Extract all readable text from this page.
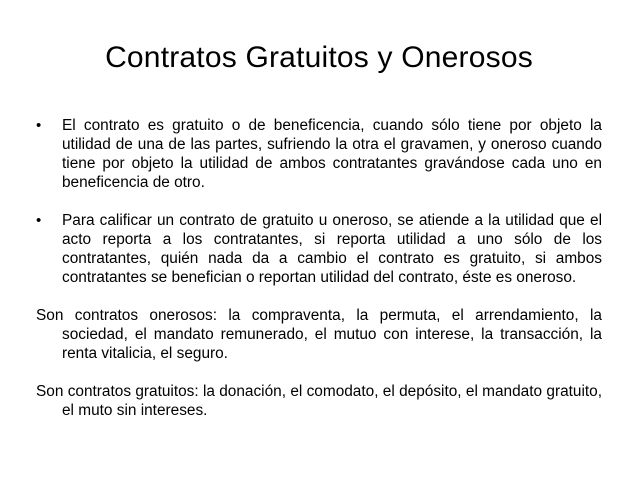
Contratos Gratuitos y Onerosos
•	El contrato es gratuito o de beneficencia, cuando sólo tiene por objeto la utilidad de una de las partes, sufriendo la otra el gravamen, y oneroso cuando tiene por objeto la utilidad de ambos contratantes gravándose cada uno en beneficencia de otro.
•	Para calificar un contrato de gratuito u oneroso, se atiende a la utilidad que el acto reporta a los contratantes, si reporta utilidad a uno sólo de los contratantes, quién nada da a cambio el contrato es gratuito, si ambos contratantes se benefician o reportan utilidad del contrato, éste es oneroso.
Son contratos onerosos: la compraventa, la permuta, el arrendamiento, la sociedad, el mandato remunerado, el mutuo con interese, la transacción, la renta vitalicia, el seguro.
Son contratos gratuitos: la donación, el comodato, el depósito, el mandato gratuito, el muto sin intereses.
